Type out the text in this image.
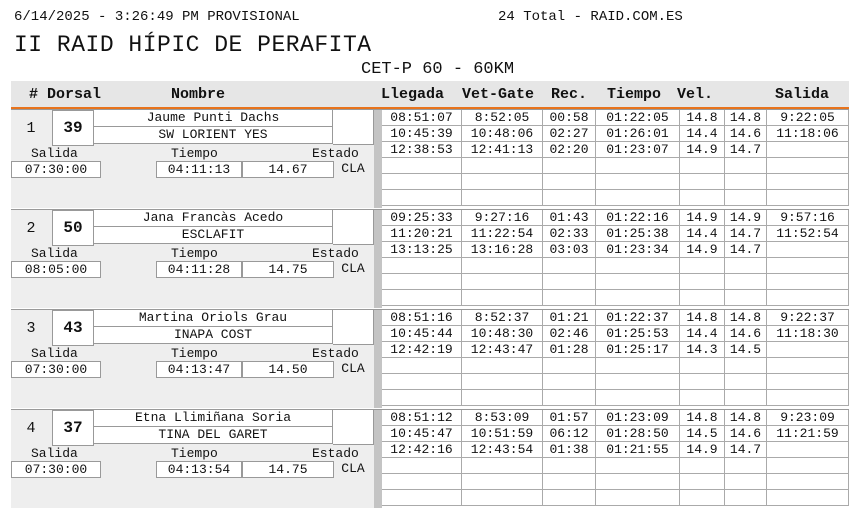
6/14/2025 - 3:26:49 PM PROVISIONAL	24 Total - RAID.COM.ES
II RAID HÍPIC DE PERAFITA
CET-P 60 - 60KM
# Dorsal	Nombre	Llegada Vet-Gate Rec. Tiempo Vel.	Salida
1	39
Jaume Punti Dachs
SW LORIENT YES
Salida	Tiempo	Estado
07:30:00	04:11:13	14.67	CLA
08:51:07	8:52:05	00:58	01:22:05	14.8 14.8	9:22:05
10:45:39	10:48:06	02:27	01:26:01	14.4 14.6	11:18:06
12:38:53	12:41:13	02:20	01:23:07	14.9 14.7
2	50
Jana Francàs Acedo
ESCLAFIT
Salida	Tiempo	Estado
08:05:00	04:11:28	14.75	CLA
09:25:33	9:27:16	01:43	01:22:16	14.9 14.9	9:57:16
11:20:21	11:22:54	02:33	01:25:38	14.4 14.7	11:52:54
13:13:25	13:16:28	03:03	01:23:34	14.9 14.7
3	43
Martina Oriols Grau
INAPA COST
Salida	Tiempo	Estado
07:30:00	04:13:47	14.50	CLA
08:51:16	8:52:37	01:21	01:22:37	14.8 14.8	9:22:37
10:45:44	10:48:30	02:46	01:25:53	14.4 14.6	11:18:30
12:42:19	12:43:47	01:28	01:25:17	14.3 14.5
4	37
Etna Llimiñana Soria
TINA DEL GARET
Salida	Tiempo	Estado
07:30:00	04:13:54	14.75	CLA
08:51:12	8:53:09	01:57	01:23:09	14.8 14.8	9:23:09
10:45:47	10:51:59	06:12	01:28:50	14.5 14.6	11:21:59
12:42:16	12:43:54	01:38	01:21:55	14.9 14.7
